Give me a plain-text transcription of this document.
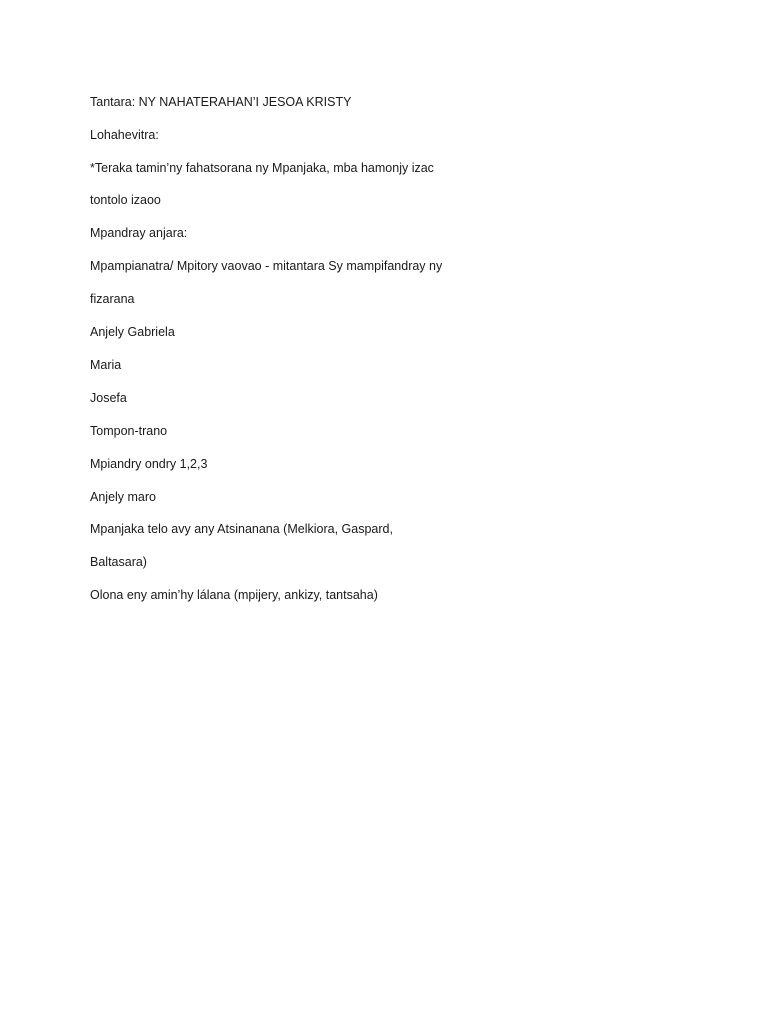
Tantara: NY NAHATERAHAN’I JESOA KRISTY

Lohahevitra:

*Teraka tamin’ny fahatsorana ny Mpanjaka, mba hamonjy izac

tontolo izaoo

Mpandray anjara:

Mpampianatra/ Mpitory vaovao - mitantara Sy mampifandray ny

fizarana

Anjely Gabriela

Maria

Josefa

Tompon-trano

Mpiandry ondry 1,2,3

Anjely maro

Mpanjaka telo avy any Atsinanana (Melkiora, Gaspard,

Baltasara)

Olona eny amin’hy lálana (mpijery, ankizy, tantsaha)
